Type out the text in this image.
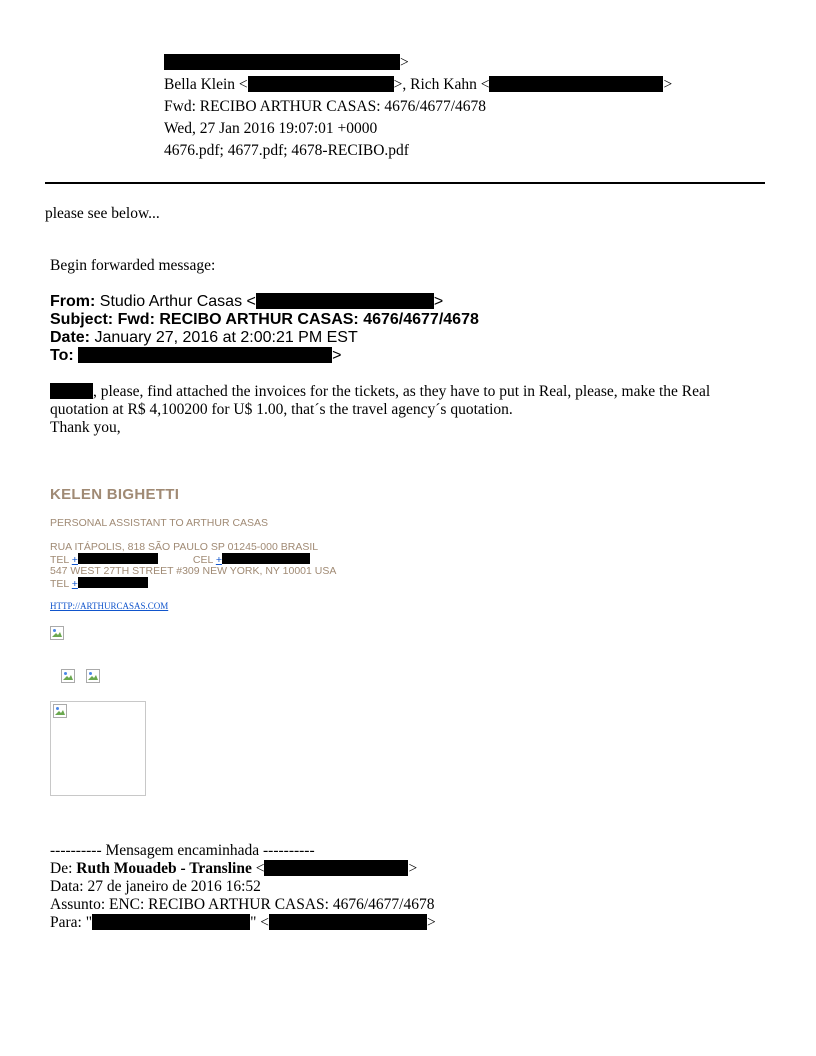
>
Bella Klein <	>, Rich Kahn <	>
Fwd: RECIBO ARTHUR CASAS: 4676/4677/4678
Wed, 27 Jan 2016 19:07:01 +0000
4676.pdf; 4677.pdf; 4678-RECIBO.pdf
please see below...
Begin forwarded message:
From: Studio Arthur Casas <	>
Subject: Fwd: RECIBO ARTHUR CASAS: 4676/4677/4678
Date: January 27, 2016 at 2:00:21 PM EST
To:	>
, please, find attached the invoices for the tickets, as they have to put in Real, please, make the Real
quotation at R$ 4,100200 for U$ 1.00, that´s the travel agency´s quotation.
Thank you,
KELEN BIGHETTI
PERSONAL ASSISTANT TO ARTHUR CASAS
RUA ITÁPOLIS, 818 SÃO PAULO SP 01245-000 BRASIL
TEL +	CEL +
547 WEST 27TH STREET #309 NEW YORK, NY 10001 USA
TEL +
HTTP://ARTHURCASAS.COM
---------- Mensagem encaminhada ----------
De: Ruth Mouadeb - Transline <	>
Data: 27 de janeiro de 2016 16:52
Assunto: ENC: RECIBO ARTHUR CASAS: 4676/4677/4678
Para: "	" <	>
